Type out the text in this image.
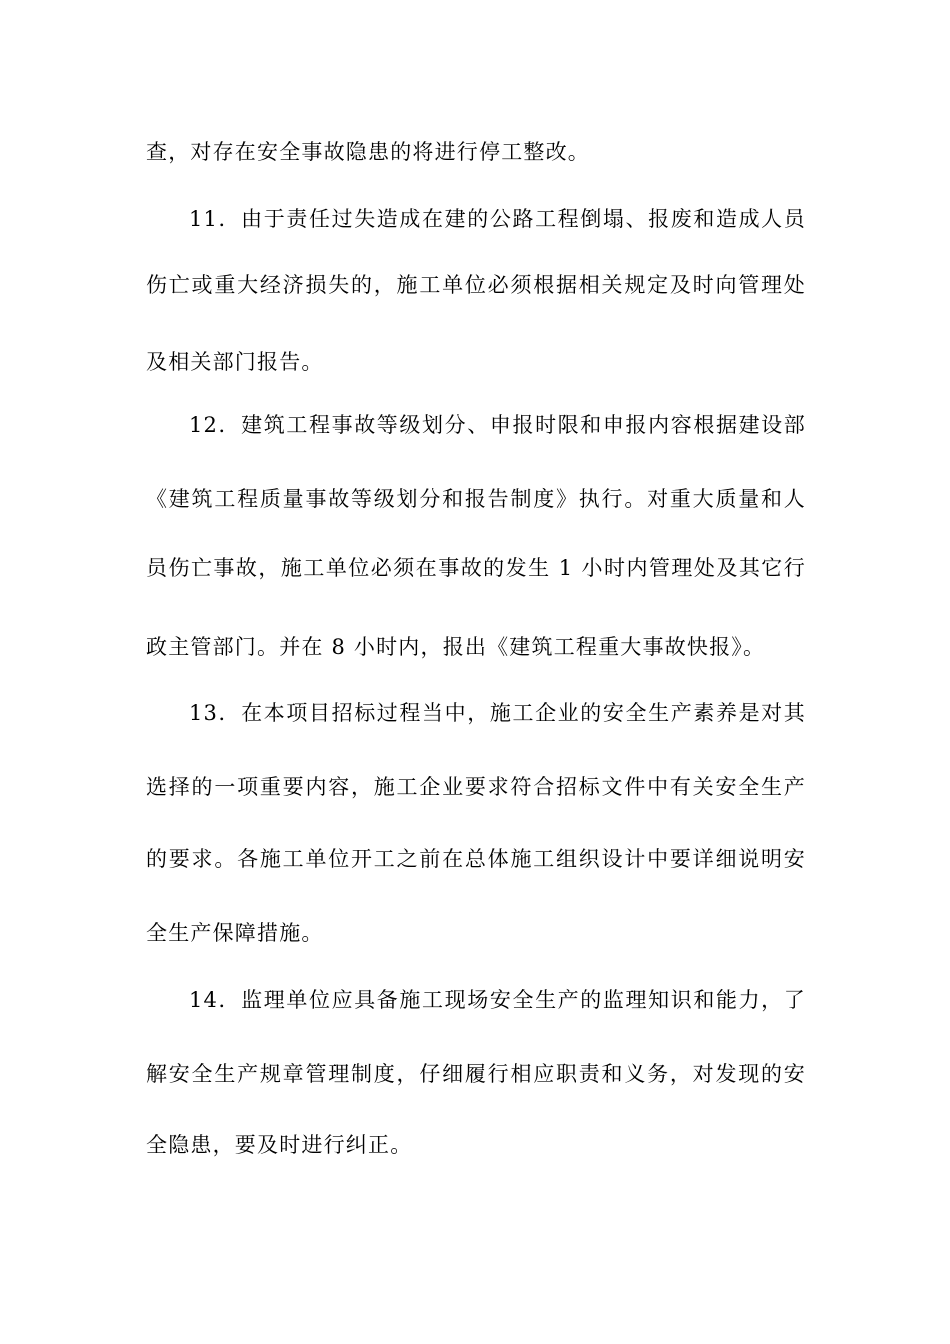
查，对存在安全事故隐患的将进行停工整改。
11．由于责任过失造成在建的公路工程倒塌、报废和造成人员
伤亡或重大经济损失的，施工单位必须根据相关规定及时向管理处
及相关部门报告。
12．建筑工程事故等级划分、申报时限和申报内容根据建设部
《建筑工程质量事故等级划分和报告制度》执行。对重大质量和人
员伤亡事故，施工单位必须在事故的发生 1 小时内管理处及其它行
政主管部门。并在 8 小时内，报出《建筑工程重大事故快报》。
13．在本项目招标过程当中，施工企业的安全生产素养是对其
选择的一项重要内容，施工企业要求符合招标文件中有关安全生产
的要求。各施工单位开工之前在总体施工组织设计中要详细说明安
全生产保障措施。
14．监理单位应具备施工现场安全生产的监理知识和能力，了
解安全生产规章管理制度，仔细履行相应职责和义务，对发现的安
全隐患，要及时进行纠正。
